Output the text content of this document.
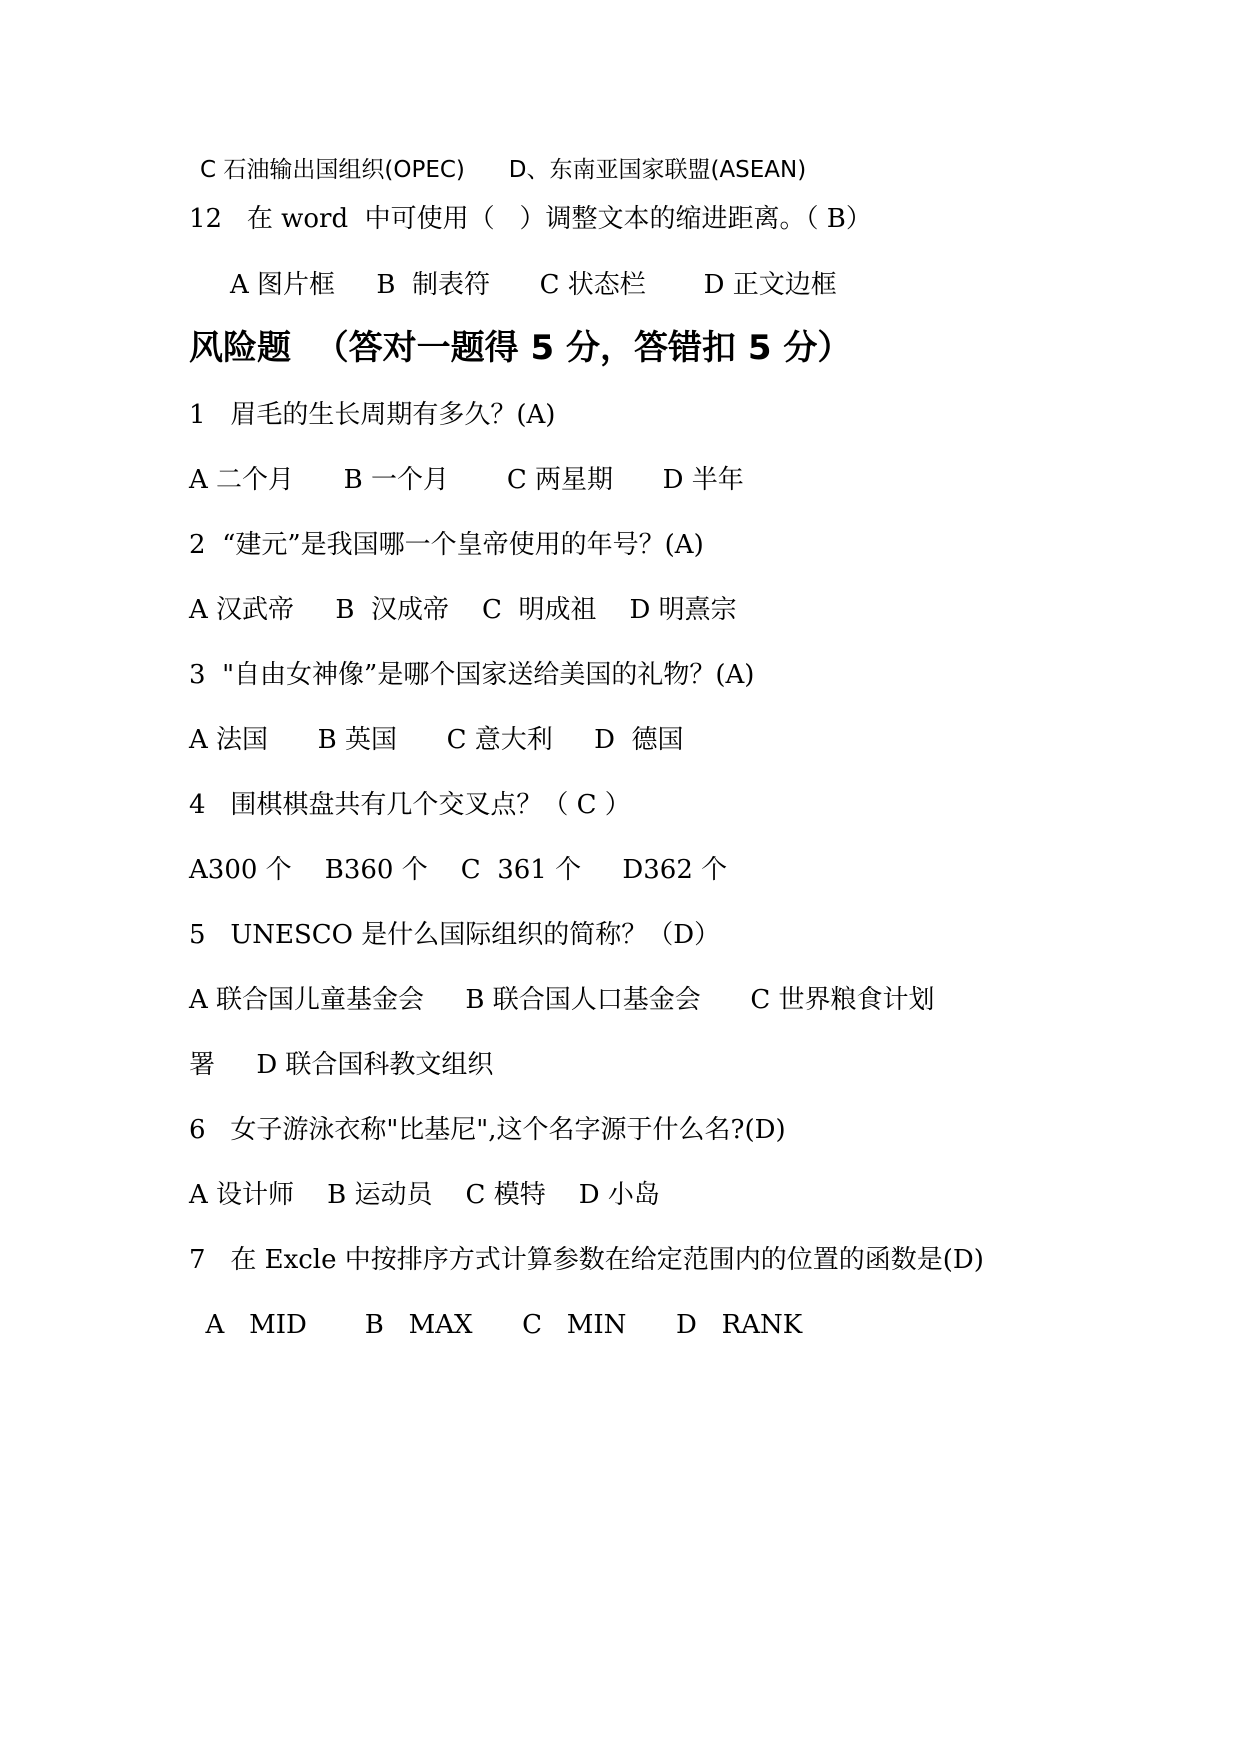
C 石油输出国组织(OPEC)      D、东南亚国家联盟(ASEAN)
12   在 word  中可使用（   ）调整文本的缩进距离。（ B）
A 图片框     B  制表符      C 状态栏       D 正文边框
风险题  （答对一题得 5 分，答错扣 5 分）
1   眉毛的生长周期有多久？(A)
A 二个月      B 一个月       C 两星期      D 半年
2  “建元”是我国哪一个皇帝使用的年号？(A)
A 汉武帝     B  汉成帝    C  明成祖    D 明熹宗
3  "自由女神像”是哪个国家送给美国的礼物？(A)
A 法国      B 英国      C 意大利     D  德国
4   围棋棋盘共有几个交叉点？（ C ）
A300 个    B360 个    C  361 个     D362 个
5   UNESCO 是什么国际组织的简称？（D）
A 联合国儿童基金会     B 联合国人口基金会      C 世界粮食计划
署     D 联合国科教文组织
6   女子游泳衣称"比基尼",这个名字源于什么名?(D)
A 设计师    B 运动员    C 模特    D 小岛
7   在 Excle 中按排序方式计算参数在给定范围内的位置的函数是(D)
A   MID       B   MAX      C   MIN      D   RANK
